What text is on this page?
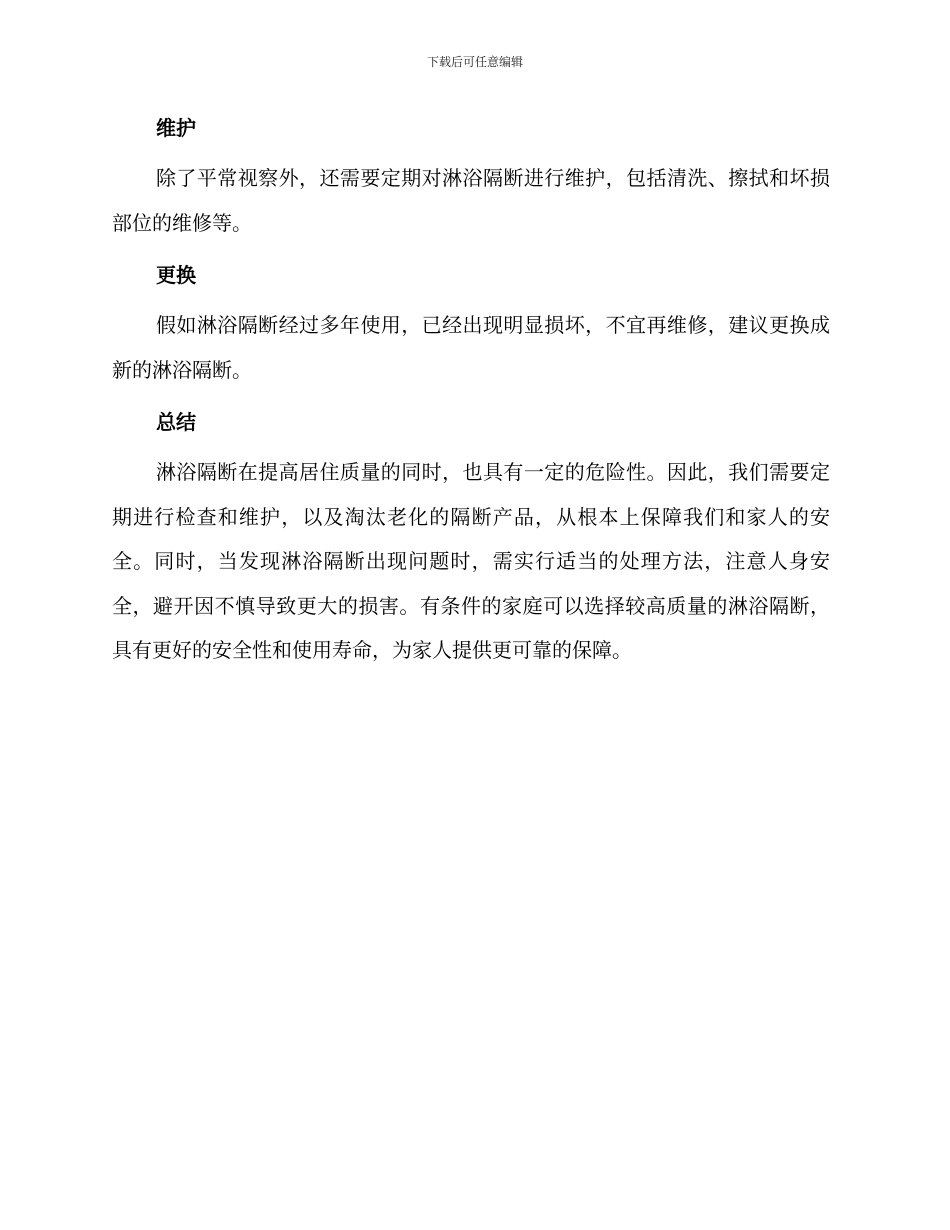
下载后可任意编辑
维护

除了平常视察外，还需要定期对淋浴隔断进行维护，包括清洗、擦拭和坏损部位的维修等。

更换

假如淋浴隔断经过多年使用，已经出现明显损坏，不宜再维修，建议更换成新的淋浴隔断。

总结

淋浴隔断在提高居住质量的同时，也具有一定的危险性。因此，我们需要定期进行检查和维护，以及淘汰老化的隔断产品，从根本上保障我们和家人的安全。同时，当发现淋浴隔断出现问题时，需实行适当的处理方法，注意人身安全，避开因不慎导致更大的损害。有条件的家庭可以选择较高质量的淋浴隔断，具有更好的安全性和使用寿命，为家人提供更可靠的保障。
